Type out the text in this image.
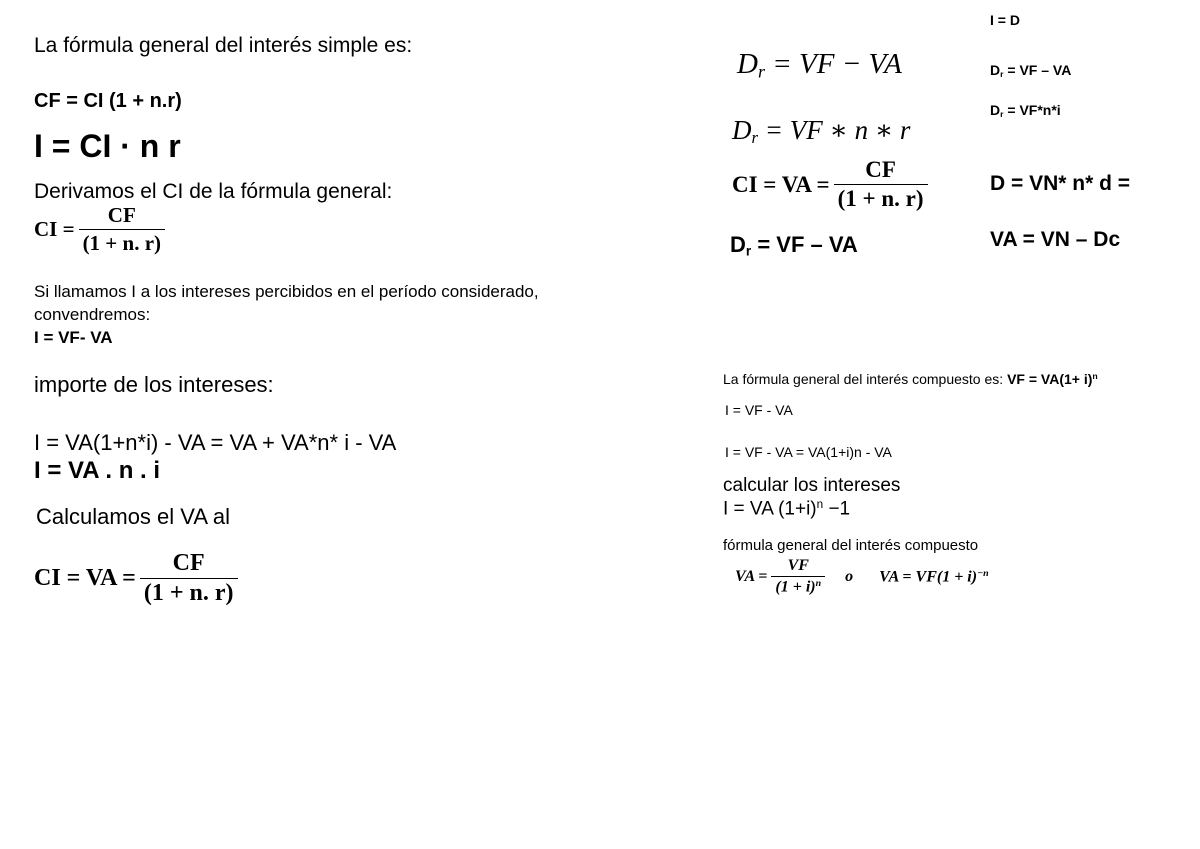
La fórmula general del interés simple es:
CF = CI (1 + n.r)
I = CI · n r
Derivamos el CI de la fórmula general:
CI = $\frac{CF}{(1 + n. r)}$
Si llamamos I a los intereses percibidos en el período considerado,
convendremos:
I = VF- VA
importe de los intereses:
I = VA(1+n*i) - VA = VA + VA*n* i - VA
I = VA . n . i
Calculamos el VA al
CI = VA = $\frac{CF}{(1 + n. r)}$
I = D
$D_r$ = VF − VA	$D_r$ = VF – VA
$D_r = VF*n*i$
$D_r$ = VF ∗ n ∗ r
CI = VA = $\frac{CF}{(1 + n. r)}$	D = VN* n* d =
$D_r$ = VF – VA	VA = VN – Dc
La fórmula general del interés compuesto es: VF = $VA(1+ i)^n$
I = VF - VA
I = VF - VA = VA(1+i)n - VA
calcular los intereses
I = VA $(1+i)^n -1$
fórmula general del interés compuesto
VA = $\frac{VF}{(1 + i)^n}$ o VA = $VF(1 + i)^{-n}$
